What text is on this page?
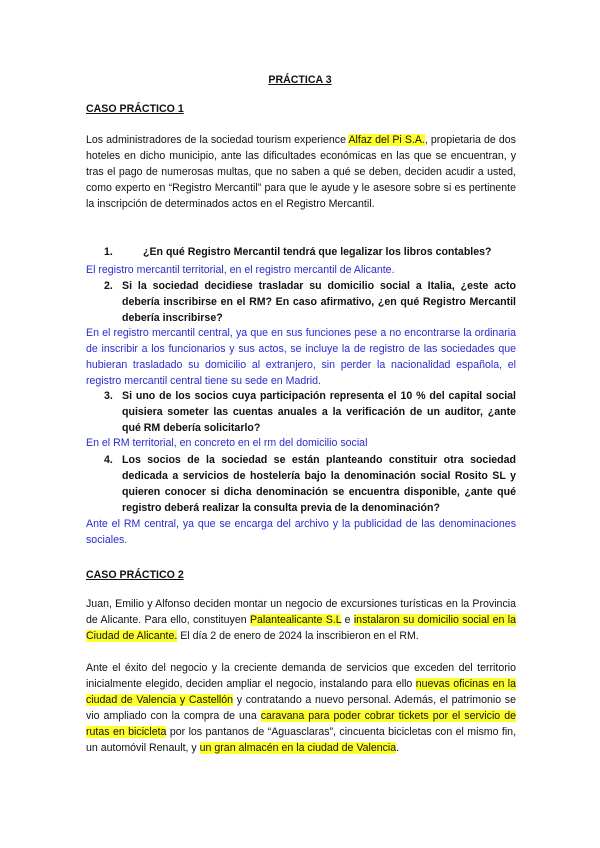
PRÁCTICA 3

CASO PRÁCTICO 1

Los administradores de la sociedad tourism experience Alfaz del Pi S.A., propietaria de dos hoteles en dicho municipio, ante las dificultades económicas en las que se encuentran, y tras el pago de numerosas multas, que no saben a qué se deben, deciden acudir a usted, como experto en “Registro Mercantil” para que le ayude y le asesore sobre si es pertinente la inscripción de determinados actos en el Registro Mercantil.

1.	¿En qué Registro Mercantil tendrá que legalizar los libros contables?

El registro mercantil territorial, en el registro mercantil de Alicante.

2. Si la sociedad decidiese trasladar su domicilio social a Italia, ¿este acto debería inscribirse en el RM? En caso afirmativo, ¿en qué Registro Mercantil debería inscribirse?

En el registro mercantil central, ya que en sus funciones pese a no encontrarse la ordinaria de inscribir a los funcionarios y sus actos, se incluye la de registro de las sociedades que hubieran trasladado su domicilio al extranjero, sin perder la nacionalidad española, el registro mercantil central tiene su sede en Madrid.

3. Si uno de los socios cuya participación representa el 10 % del capital social quisiera someter las cuentas anuales a la verificación de un auditor, ¿ante qué RM debería solicitarlo?

En el RM territorial, en concreto en el rm del domicilio social

4. Los socios de la sociedad se están planteando constituir otra sociedad dedicada a servicios de hostelería bajo la denominación social Rosito SL y quieren conocer si dicha denominación se encuentra disponible, ¿ante qué registro deberá realizar la consulta previa de la denominación?

Ante el RM central, ya que se encarga del archivo y la publicidad de las denominaciones sociales.

CASO PRÁCTICO 2

Juan, Emilio y Alfonso deciden montar un negocio de excursiones turísticas en la Provincia de Alicante. Para ello, constituyen Palantealicante S.L e instalaron su domicilio social en la Ciudad de Alicante. El día 2 de enero de 2024 la inscribieron en el RM.

Ante el éxito del negocio y la creciente demanda de servicios que exceden del territorio inicialmente elegido, deciden ampliar el negocio, instalando para ello nuevas oficinas en la ciudad de Valencia y Castellón y contratando a nuevo personal. Además, el patrimonio se vio ampliado con la compra de una caravana para poder cobrar tickets por el servicio de rutas en bicicleta por los pantanos de “Aguasclaras”, cincuenta bicicletas con el mismo fin, un automóvil Renault, y un gran almacén en la ciudad de Valencia.
